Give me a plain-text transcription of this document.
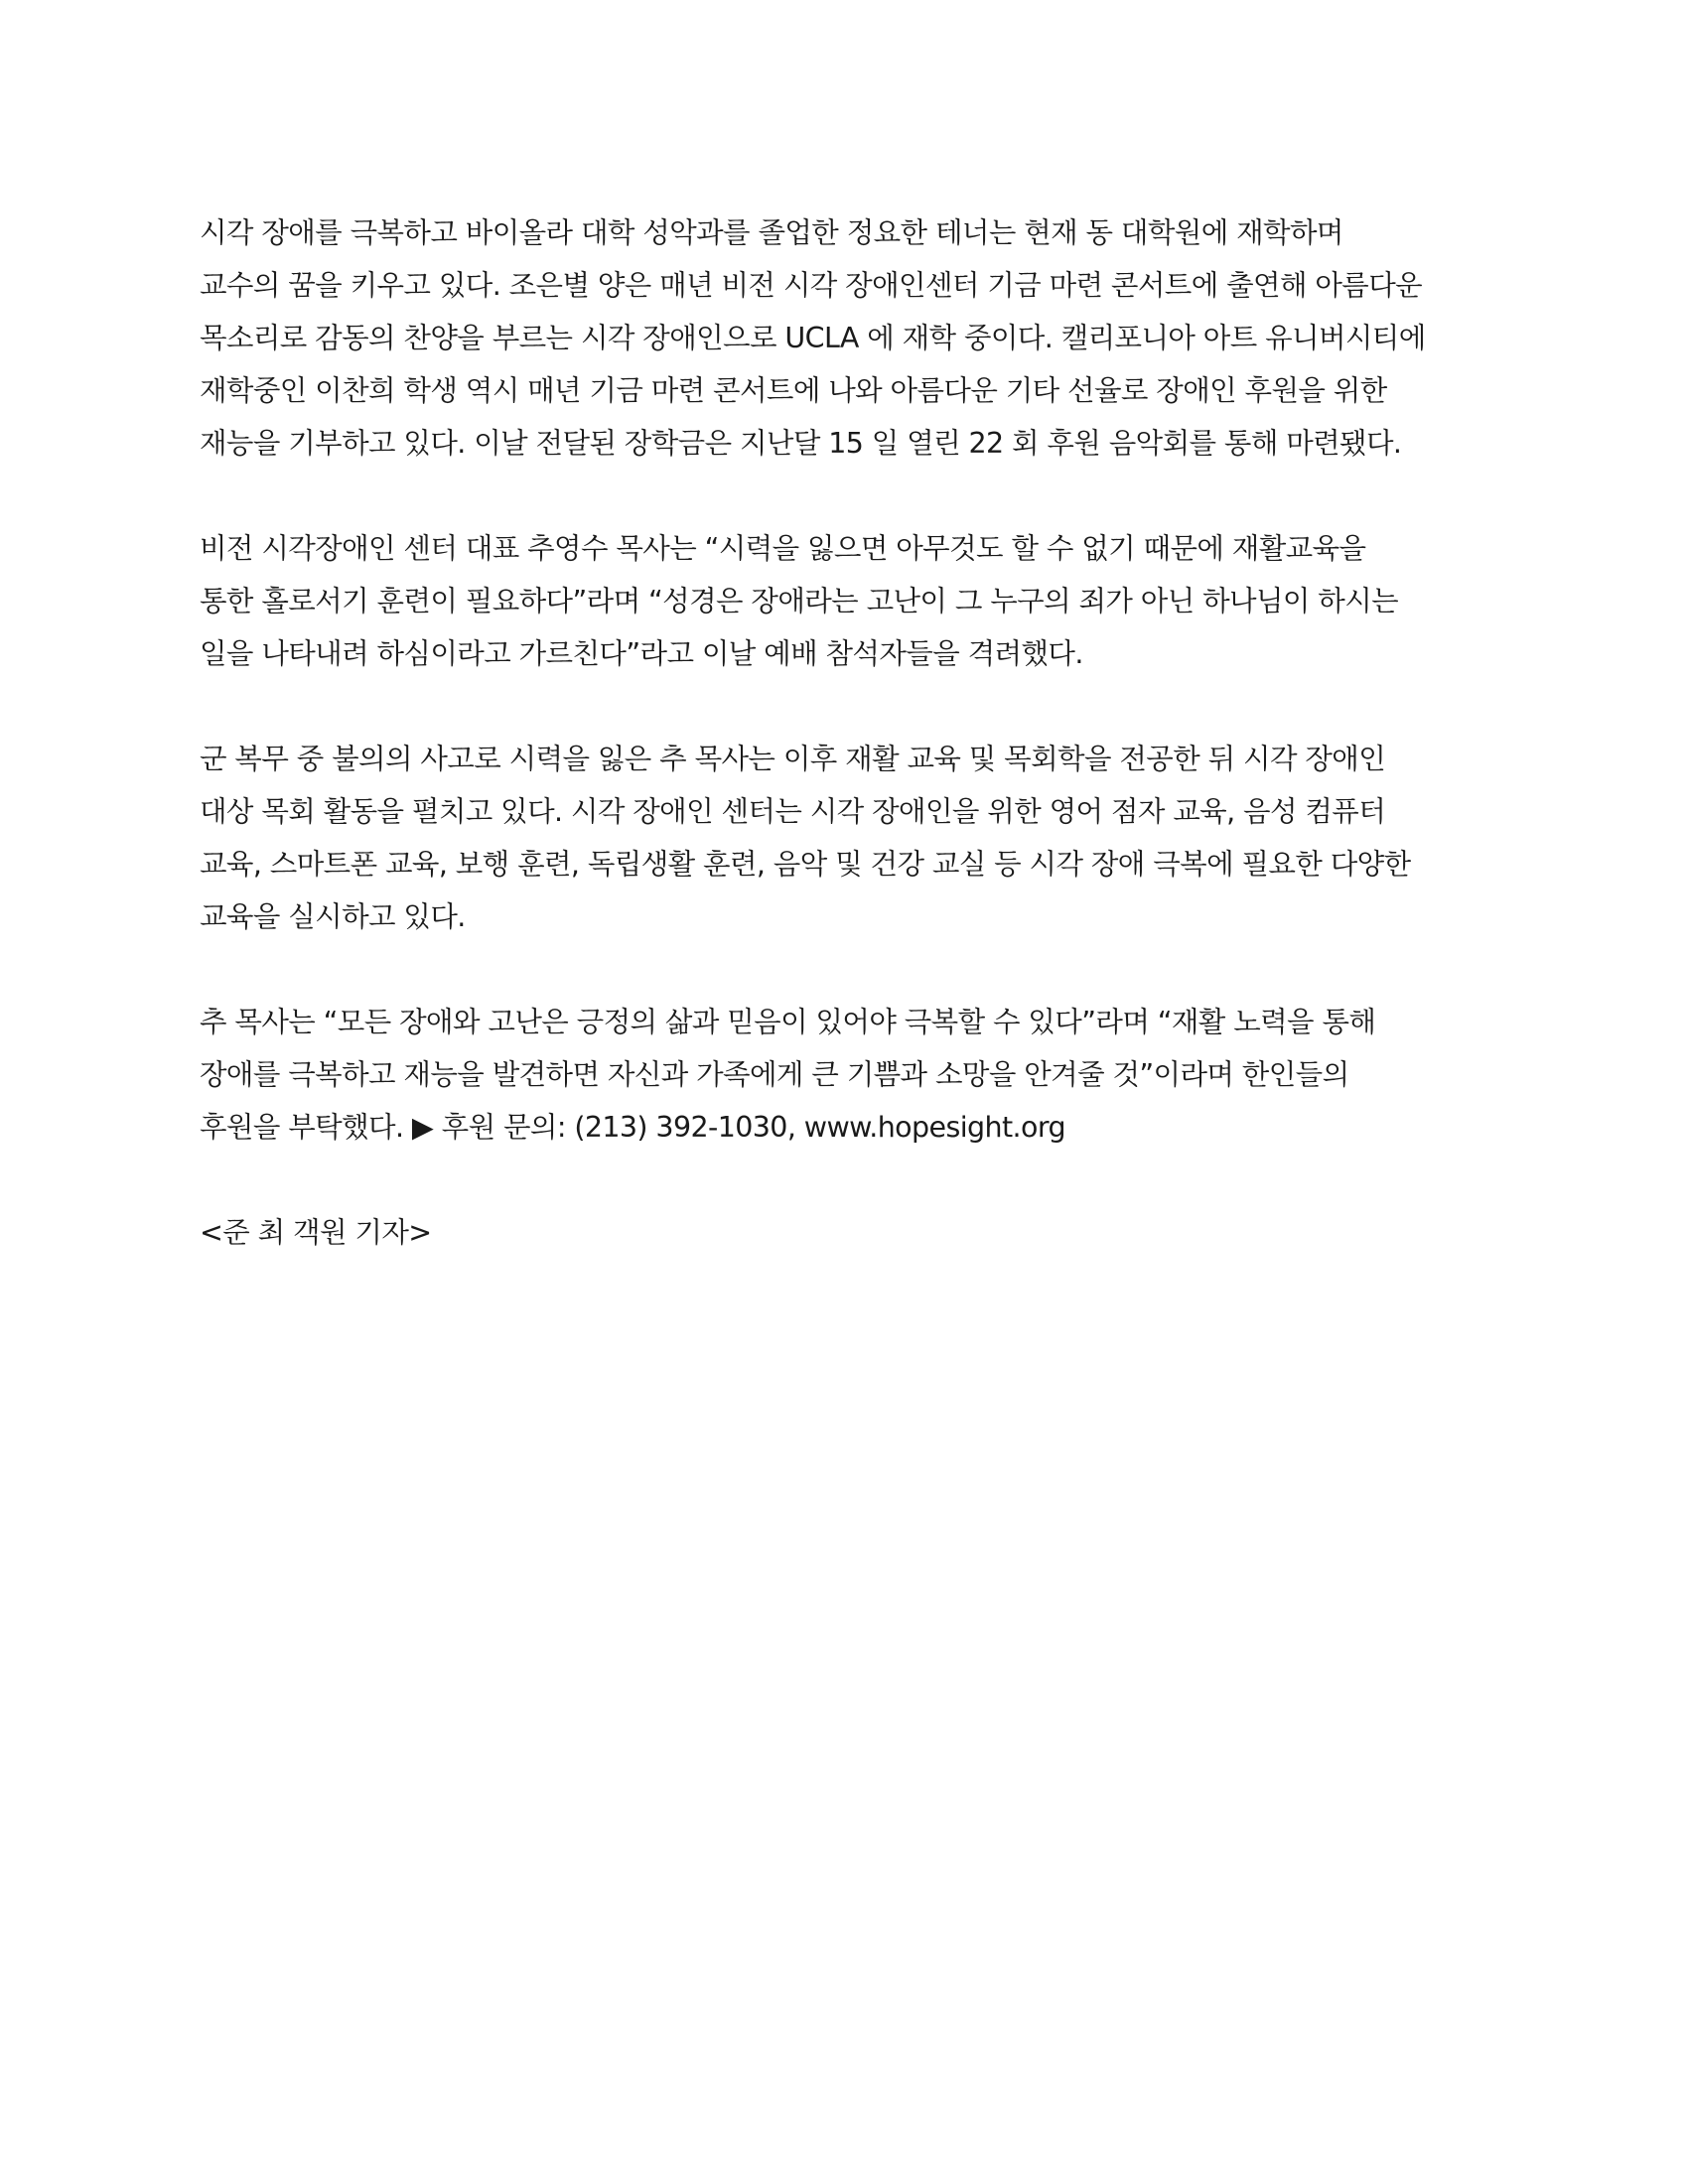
시각 장애를 극복하고 바이올라 대학 성악과를 졸업한 정요한 테너는 현재 동 대학원에 재학하며
교수의 꿈을 키우고 있다. 조은별 양은 매년 비전 시각 장애인센터 기금 마련 콘서트에 출연해 아름다운
목소리로 감동의 찬양을 부르는 시각 장애인으로 UCLA 에 재학 중이다. 캘리포니아 아트 유니버시티에
재학중인 이찬희 학생 역시 매년 기금 마련 콘서트에 나와 아름다운 기타 선율로 장애인 후원을 위한
재능을 기부하고 있다. 이날 전달된 장학금은 지난달 15 일 열린 22 회 후원 음악회를 통해 마련됐다.
비전 시각장애인 센터 대표 추영수 목사는 “시력을 잃으면 아무것도 할 수 없기 때문에 재활교육을
통한 홀로서기 훈련이 필요하다”라며 “성경은 장애라는 고난이 그 누구의 죄가 아닌 하나님이 하시는
일을 나타내려 하심이라고 가르친다”라고 이날 예배 참석자들을 격려했다.
군 복무 중 불의의 사고로 시력을 잃은 추 목사는 이후 재활 교육 및 목회학을 전공한 뒤 시각 장애인
대상 목회 활동을 펼치고 있다. 시각 장애인 센터는 시각 장애인을 위한 영어 점자 교육, 음성 컴퓨터
교육, 스마트폰 교육, 보행 훈련, 독립생활 훈련, 음악 및 건강 교실 등 시각 장애 극복에 필요한 다양한
교육을 실시하고 있다.
추 목사는 “모든 장애와 고난은 긍정의 삶과 믿음이 있어야 극복할 수 있다”라며 “재활 노력을 통해
장애를 극복하고 재능을 발견하면 자신과 가족에게 큰 기쁨과 소망을 안겨줄 것”이라며 한인들의
후원을 부탁했다. ▶ 후원 문의: (213) 392-1030, www.hopesight.org
<준 최 객원 기자>
